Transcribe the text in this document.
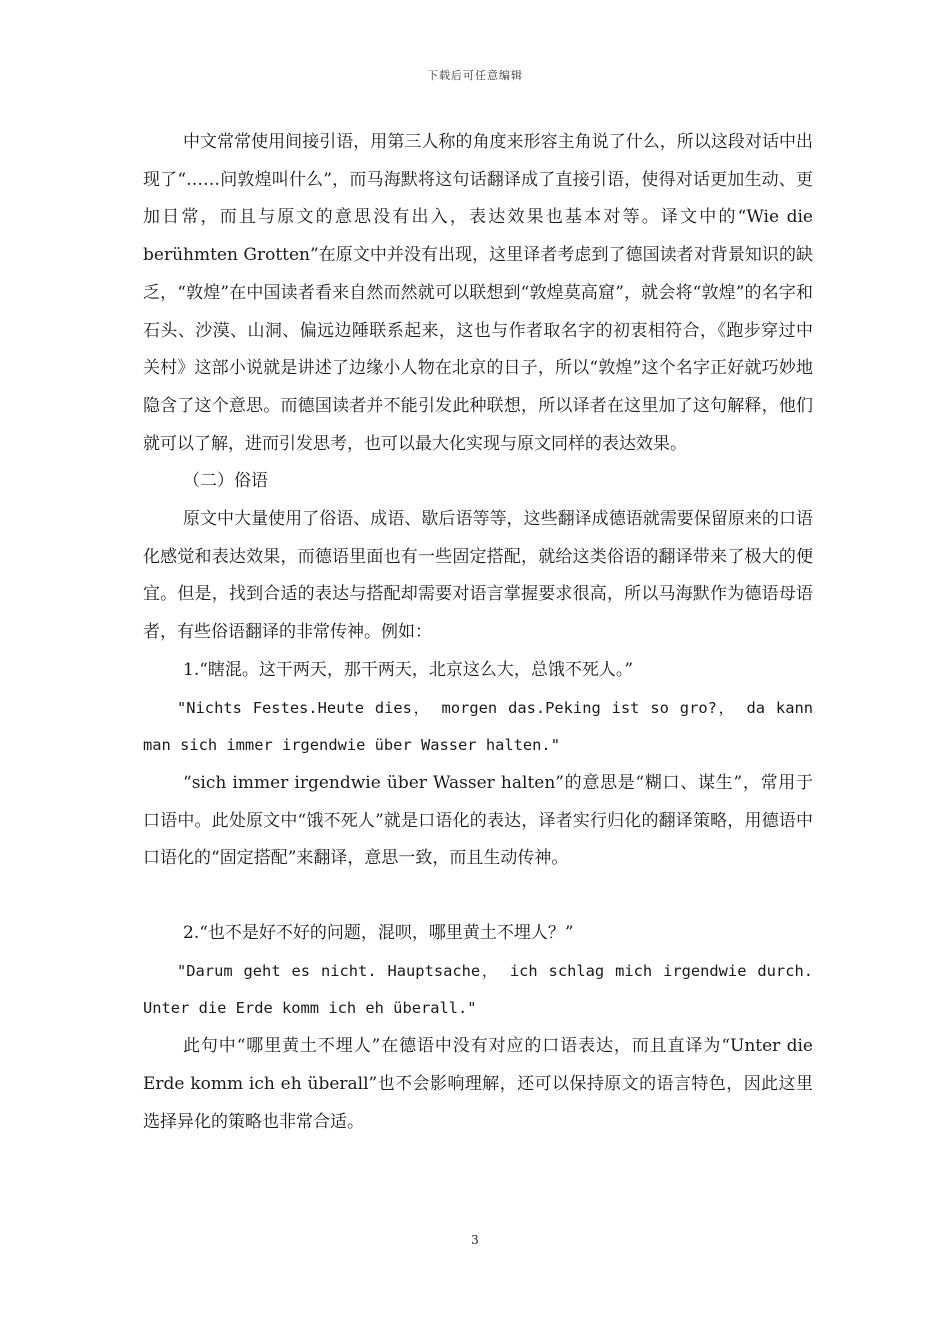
下载后可任意编辑

中文常常使用间接引语，用第三人称的角度来形容主角说了什么，所以这段对话中出现了“……问敦煌叫什么”，而马海默将这句话翻译成了直接引语，使得对话更加生动、更加日常，而且与原文的意思没有出入，表达效果也基本对等。译文中的“Wie die berühmten Grotten”在原文中并没有出现，这里译者考虑到了德国读者对背景知识的缺乏，“敦煌”在中国读者看来自然而然就可以联想到“敦煌莫高窟”，就会将“敦煌”的名字和石头、沙漠、山洞、偏远边陲联系起来，这也与作者取名字的初衷相符合，《跑步穿过中关村》这部小说就是讲述了边缘小人物在北京的日子，所以“敦煌”这个名字正好就巧妙地隐含了这个意思。而德国读者并不能引发此种联想，所以译者在这里加了这句解释，他们就可以了解，进而引发思考，也可以最大化实现与原文同样的表达效果。

（二）俗语

原文中大量使用了俗语、成语、歇后语等等，这些翻译成德语就需要保留原来的口语化感觉和表达效果，而德语里面也有一些固定搭配，就给这类俗语的翻译带来了极大的便宜。但是，找到合适的表达与搭配却需要对语言掌握要求很高，所以马海默作为德语母语者，有些俗语翻译的非常传神。例如：

1.“瞎混。这干两天，那干两天，北京这么大，总饿不死人。”

"Nichts Festes.Heute dies， morgen das.Peking ist so gro?， da kann man sich immer irgendwie über Wasser halten."

“sich immer irgendwie über Wasser halten”的意思是“糊口、谋生”，常用于口语中。此处原文中“饿不死人”就是口语化的表达，译者实行归化的翻译策略，用德语中口语化的“固定搭配”来翻译，意思一致，而且生动传神。

2.“也不是好不好的问题，混呗，哪里黄土不埋人？”

"Darum geht es nicht. Hauptsache， ich schlag mich irgendwie durch. Unter die Erde komm ich eh überall."

此句中“哪里黄土不埋人”在德语中没有对应的口语表达，而且直译为“Unter die Erde komm ich eh überall”也不会影响理解，还可以保持原文的语言特色，因此这里选择异化的策略也非常合适。

3
